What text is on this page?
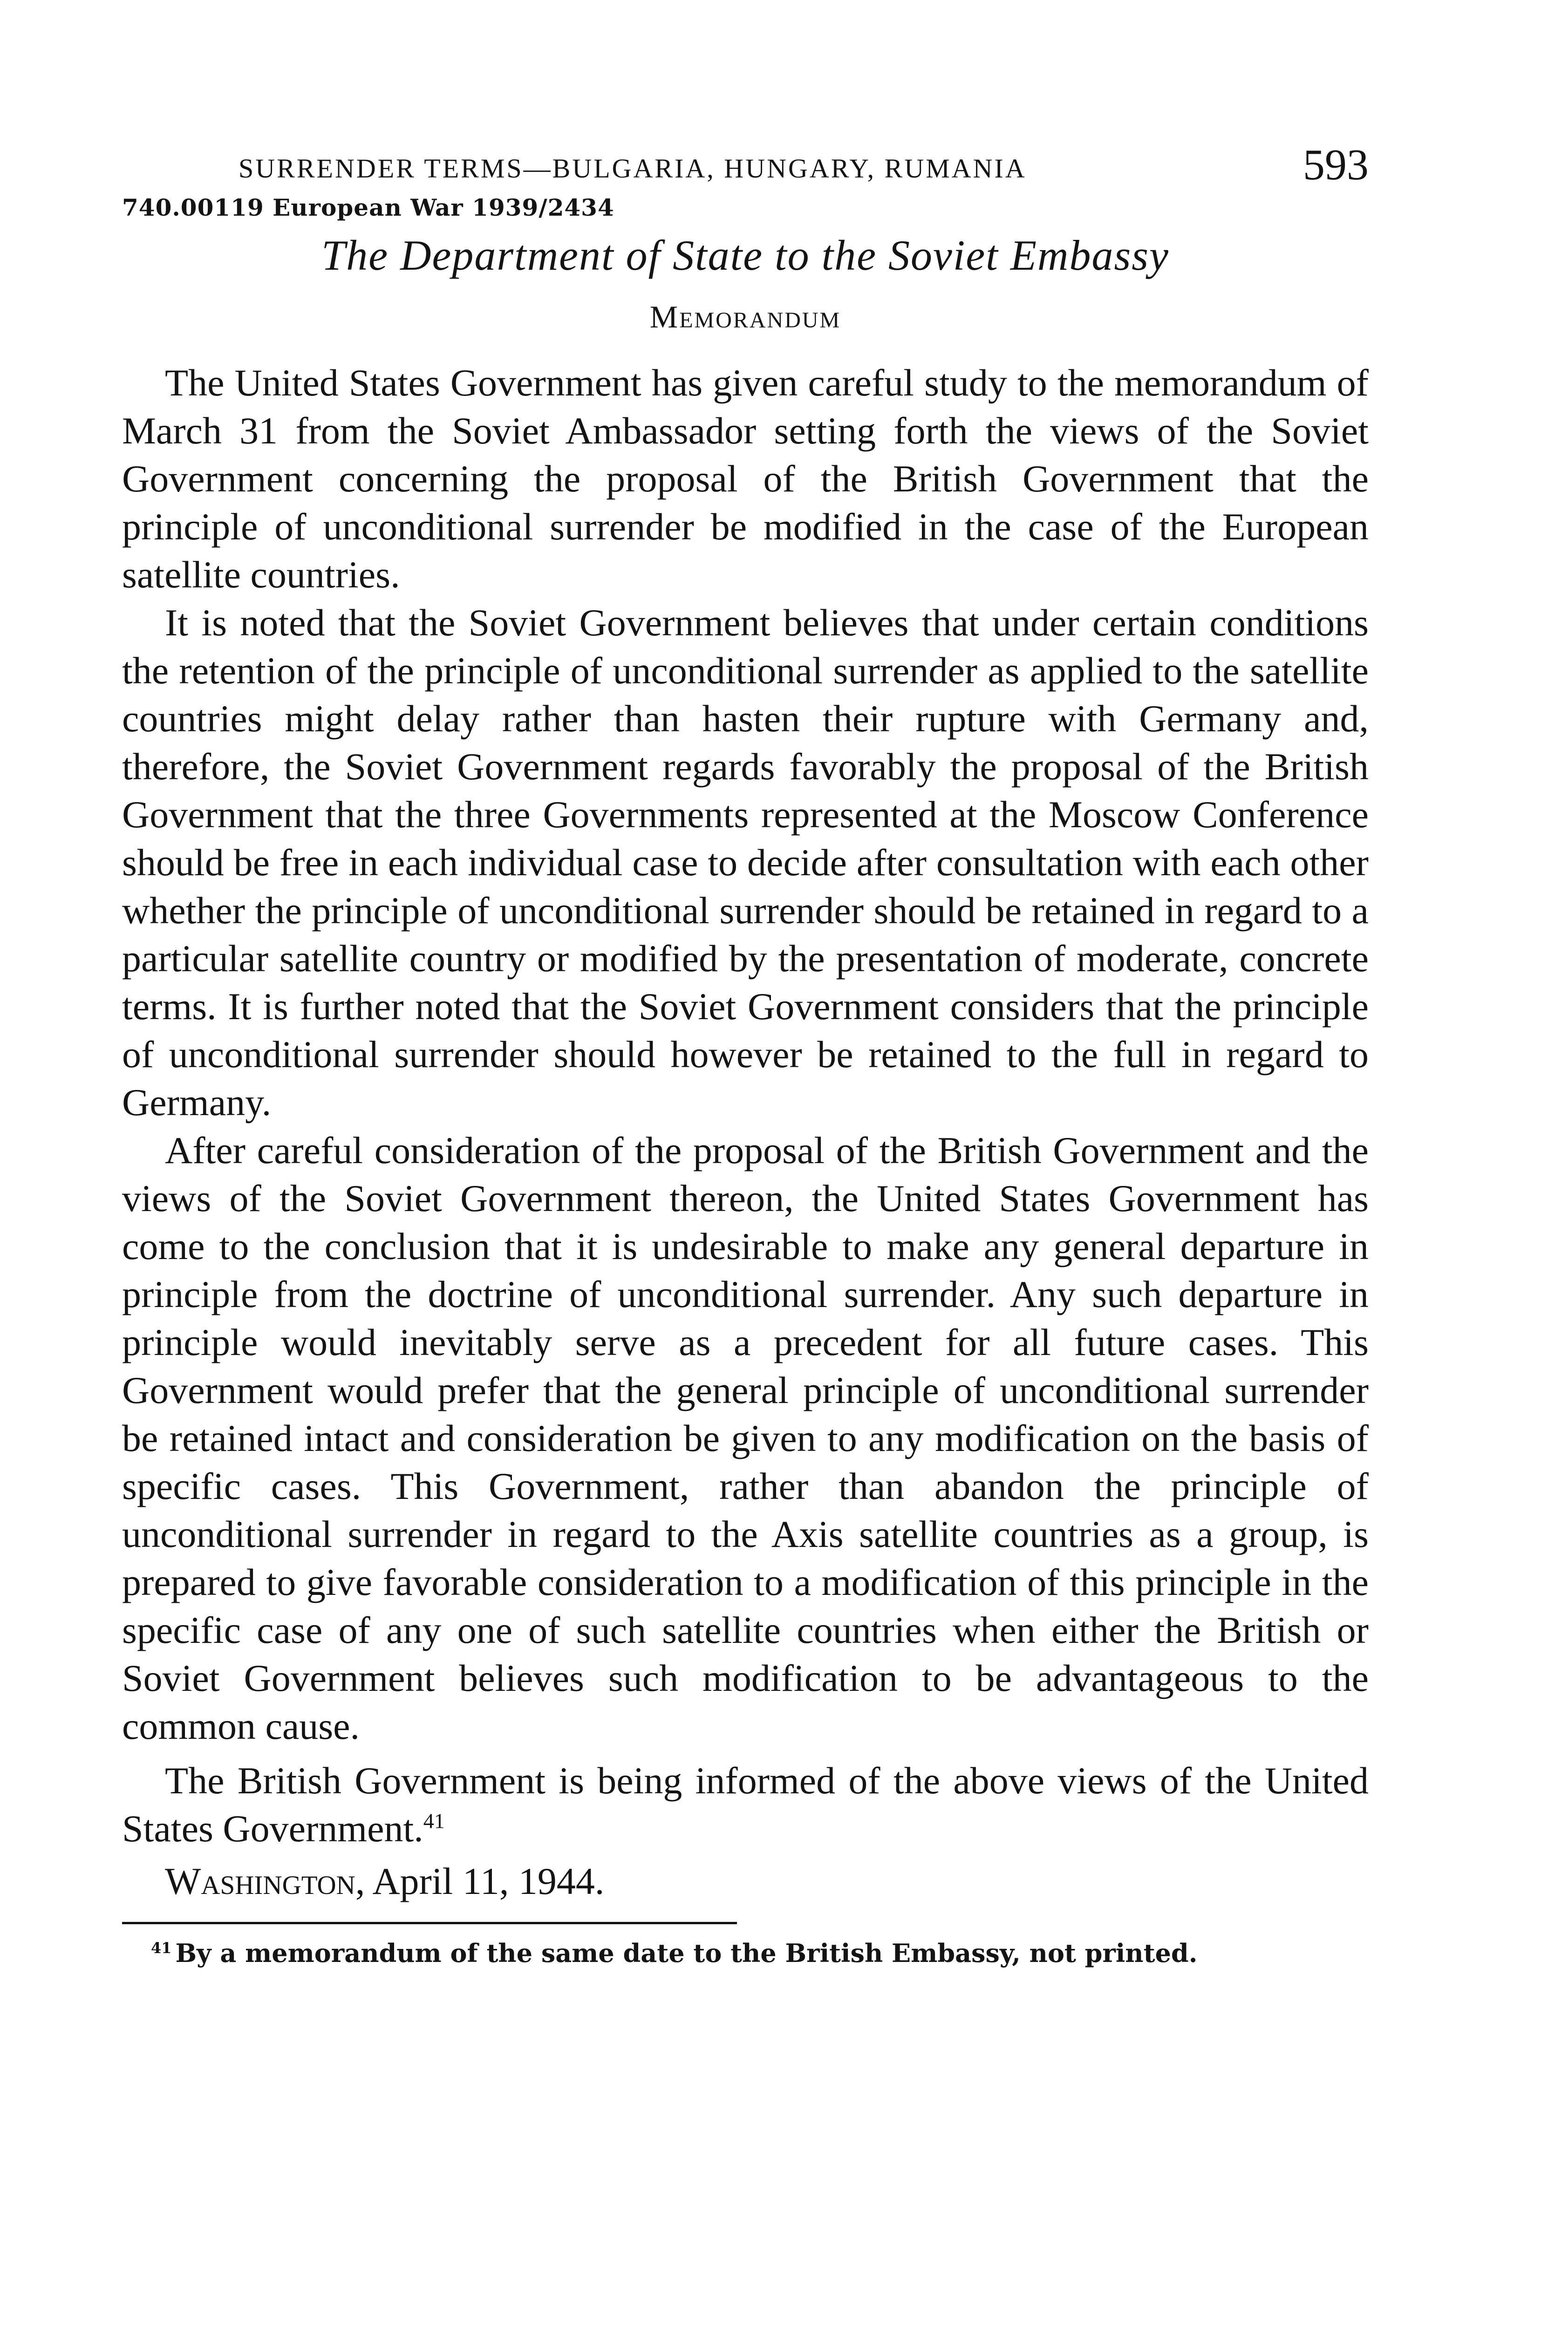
SURRENDER TERMS—BULGARIA, HUNGARY, RUMANIA	593
740.00119 European War 1939/2434
The Department of State to the Soviet Embassy
Memorandum

The United States Government has given careful study to the memorandum of March 31 from the Soviet Ambassador setting forth the views of the Soviet Government concerning the proposal of the British Government that the principle of unconditional surrender be modified in the case of the European satellite countries.

It is noted that the Soviet Government believes that under certain conditions the retention of the principle of unconditional surrender as applied to the satellite countries might delay rather than hasten their rupture with Germany and, therefore, the Soviet Government regards favorably the proposal of the British Government that the three Governments represented at the Moscow Conference should be free in each individual case to decide after consultation with each other whether the principle of unconditional surrender should be retained in regard to a particular satellite country or modified by the presentation of moderate, concrete terms. It is further noted that the Soviet Government considers that the principle of unconditional surrender should however be retained to the full in regard to Germany.

After careful consideration of the proposal of the British Government and the views of the Soviet Government thereon, the United States Government has come to the conclusion that it is undesirable to make any general departure in principle from the doctrine of unconditional surrender. Any such departure in principle would inevitably serve as a precedent for all future cases. This Government would prefer that the general principle of unconditional surrender be retained intact and consideration be given to any modification on the basis of specific cases. This Government, rather than abandon the principle of unconditional surrender in regard to the Axis satellite countries as a group, is prepared to give favorable consideration to a modification of this principle in the specific case of any one of such satellite countries when either the British or Soviet Government believes such modification to be advantageous to the common cause.

The British Government is being informed of the above views of the United States Government.$^{41}$

Washington, April 11, 1944.

$^{41}$ By a memorandum of the same date to the British Embassy, not printed.
